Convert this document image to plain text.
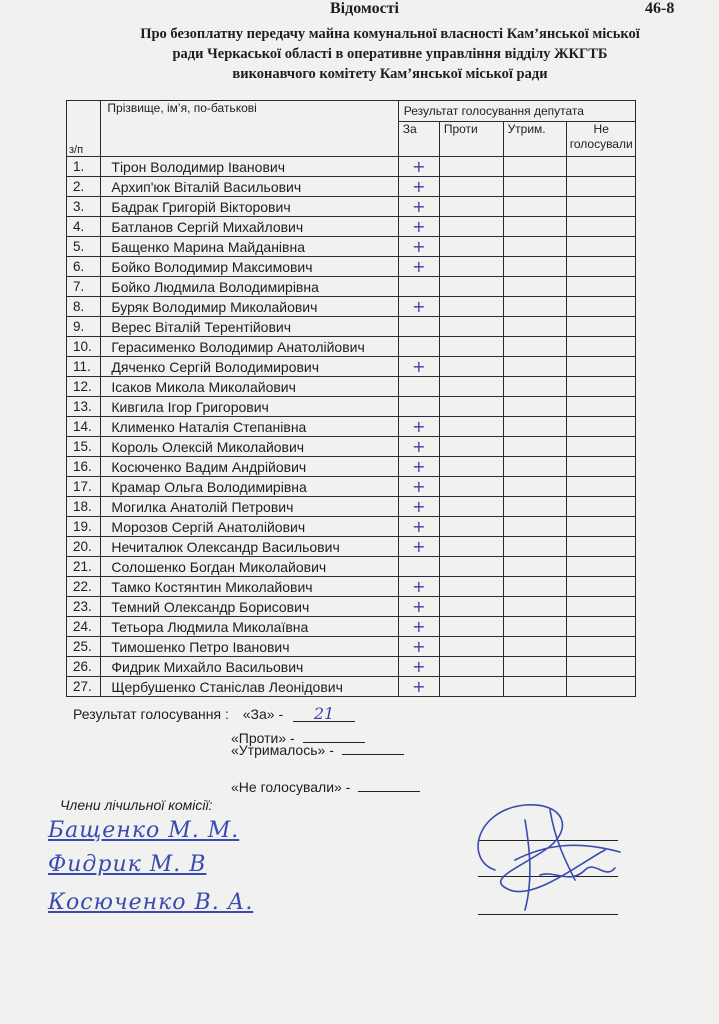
Відомості	46-8
Про безоплатну передачу майна комунальної власності Кам’янської міської
ради Черкаської області в оперативне управління відділу ЖКГТБ
виконавчого комітету Кам’янської міської ради
з/п	Прізвище, ім’я, по-батькові	Результат голосування депутата			
		За	Проти	Утрим.	Не
голосували

1.	Тірон Володимир Іванович	+			
2.	Архип'юк Віталій Васильович	+			
3.	Бадрак Григорій Вікторович	+			
4.	Батланов Сергій Михайлович	+			
5.	Бащенко Марина Майданівна	+			
6.	Бойко Володимир Максимович	+			
7.	Бойко Людмила Володимирівна				
8.	Буряк Володимир Миколайович	+			
9.	Верес Віталій Терентійович				
10.	Герасименко Володимир Анатолійович				
11.	Дяченко Сергій Володимирович	+			
12.	Ісаков Микола Миколайович				
13.	Кивгила Ігор Григорович				
14.	Клименко Наталія Степанівна	+			
15.	Король Олексій Миколайович	+			
16.	Косюченко Вадим Андрійович	+			
17.	Крамар Ольга Володимирівна	+			
18.	Могилка Анатолій Петрович	+			
19.	Морозов Сергій Анатолійович	+			
20.	Нечиталюк Олександр Васильович	+			
21.	Солошенко Богдан Миколайович				
22.	Тамко Костянтин Миколайович	+			
23.	Темний Олександр Борисович	+			
24.	Тетьора Людмила Миколаївна	+			
25.	Тимошенко Петро Іванович	+			
26.	Фидрик Михайло Васильович	+			
27.	Щербушенко Станіслав Леонідович	+			
Результат голосування : «За» - 21
«Проти» -
«Утрималось» -
«Не голосували» -
Члени лічильної комісії:
Бащенко М. М.
Фидрик М. В
Косюченко В. А.
